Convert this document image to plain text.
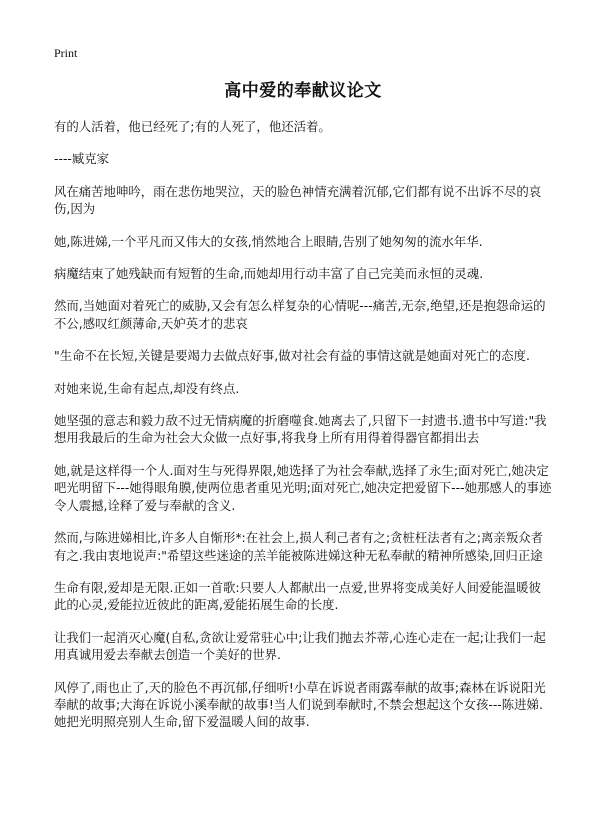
Print
高中爱的奉献议论文
有的人活着，他已经死了;有的人死了，他还活着。
----臧克家
风在痛苦地呻吟，雨在悲伤地哭泣，天的脸色神情充满着沉郁,它们都有说不出诉不尽的哀伤,因为
她,陈进娣,一个平凡而又伟大的女孩,悄然地合上眼睛,告别了她匆匆的流水年华.
病魔结束了她残缺而有短暂的生命,而她却用行动丰富了自己完美而永恒的灵魂.
然而,当她面对着死亡的威胁,又会有怎么样复杂的心情呢---痛苦,无奈,绝望,还是抱怨命运的不公,感叹红颜薄命,天妒英才的悲哀
"生命不在长短,关键是要竭力去做点好事,做对社会有益的事情这就是她面对死亡的态度.
对她来说,生命有起点,却没有终点.
她坚强的意志和毅力敌不过无情病魔的折磨噬食.她离去了,只留下一封遗书.遗书中写道:"我想用我最后的生命为社会大众做一点好事,将我身上所有用得着得器官都捐出去
她,就是这样得一个人.面对生与死得界限,她选择了为社会奉献,选择了永生;面对死亡,她决定吧光明留下---她得眼角膜,使两位患者重见光明;面对死亡,她决定把爱留下---她那感人的事迹令人震撼,诠释了爱与奉献的含义.
然而,与陈进娣相比,许多人自惭形*:在社会上,损人利己者有之;贪桩枉法者有之;离亲叛众者有之.我由衷地说声:"希望这些迷途的羔羊能被陈进娣这种无私奉献的精神所感染,回归正途
生命有限,爱却是无限.正如一首歌:只要人人都献出一点爱,世界将变成美好人间爱能温暖彼此的心灵,爱能拉近彼此的距离,爱能拓展生命的长度.
让我们一起消灭心魔(自私,贪欲让爱常驻心中;让我们抛去芥蒂,心连心走在一起;让我们一起用真诚用爱去奉献去创造一个美好的世界.
风停了,雨也止了,天的脸色不再沉郁,仔细听!小草在诉说者雨露奉献的故事;森林在诉说阳光奉献的故事;大海在诉说小溪奉献的故事!当人们说到奉献时,不禁会想起这个女孩---陈进娣.她把光明照亮别人生命,留下爱温暖人间的故事.
